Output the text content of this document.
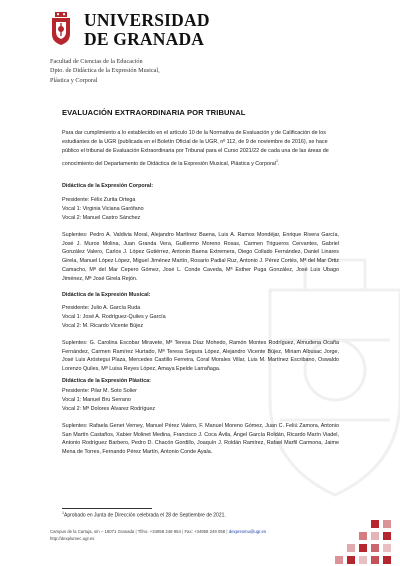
UNIVERSIDAD
DE GRANADA
Facultad de Ciencias de la Educación
Dpto. de Didáctica de la Expresión Musical,
Plástica y Corporal
EVALUACIÓN EXTRAORDINARIA POR TRIBUNAL
Para dar cumplimiento a lo establecido en el artículo 10 de la Normativa de Evaluación y de Calificación de los estudiantes de la UGR (publicada en el Boletín Oficial de la UGR, nº 112, de 9 de noviembre de 2016), se hace público el tribunal de Evaluación Extraordinaria por Tribunal para el Curso 2021/22 de cada una de las áreas de conocimiento del Departamento de Didáctica de la Expresión Musical, Plástica y Corporal$^1$.
Didáctica de la Expresión Corporal:
Presidente: Félix Zurita Ortega
Vocal 1: Virginia Viciana Garófano
Vocal 2: Manuel Castro Sánchez
Suplentes: Pedro A. Valdivia Moral, Alejandro Martínez Baena, Luis A. Ramos Mondéjar, Enrique Rivera García, José J. Muros Molina, Juan Granda Vera, Guillermo Moreno Rosas, Carmen Trigueros Cervantes, Gabriel González Valero, Carlos J. López Gutiérrez, Antonio Baena Extremera, Diego Collado Fernández, Daniel Linares Girela, Manuel López López, Miguel Jiménez Martín, Rosario Padial Ruz, Antonio J. Pérez Cortés, Mª del Mar Ortiz Camacho, Mª del Mar Cepero Gómez, José L. Conde Caveda, Mª Esther Puga González, José Luis Ubago Jiménez, Mª José Girela Rejón.
Didáctica de la Expresión Musical:
Presidente: Julio A. García Ruda
Vocal 1: José A. Rodríguez-Quiles y García
Vocal 2: M. Ricardo Vicente Bújez
Suplentes: G. Carolina Escobar Miravete, Mª Teresa Díaz Mohedo, Ramón Montes Rodríguez, Almudena Ocaña Fernández, Carmen Ramírez Hurtado, Mª Teresa Segura López, Alejandro Vicente Bújez, Miriam Albusac Jorge, José Luis Aróstegui Plaza, Mercedes Castillo Ferreira, Coral Morales Villar, Luis M. Martínez Escribano, Oswaldo Lorenzo Quiles, Mª Luisa Reyes López, Amaya Epelde Larrañaga.
Didáctica de la Expresión Plástica:
Presidente: Pilar M. Soto Solier
Vocal 1: Manuel Bru Serrano
Vocal 2: Mª Dolores Álvarez Rodríguez
Suplentes: Rafaela Genet Verney, Manuel Pérez Valero, F. Manuel Moreno Gómez, Juan C. Feliú Zamora, Antonio San Martín Castaños, Xabier Molinet Medina, Francisco J. Coca Ávila, Ángel García Roldán, Ricardo Marín Viadel, Antonio Rodríguez Barbero, Pedro D. Chacón Gordillo, Joaquín J. Roldán Ramírez, Rafael Marfil Carmona, Jaime Mena de Torres, Fernando Pérez Martín, Antonio Conde Ayala.
$^1$Aprobado en Junta de Dirección celebrada el 28 de Septiembre de 2021.
Campus de la Cartuja, s/n – 18071 Granada | Tlfno. +34958 248 954 | Fax: +34958 249 058 | dexpresmu@ugr.es
http://dexplumec.ugr.es
